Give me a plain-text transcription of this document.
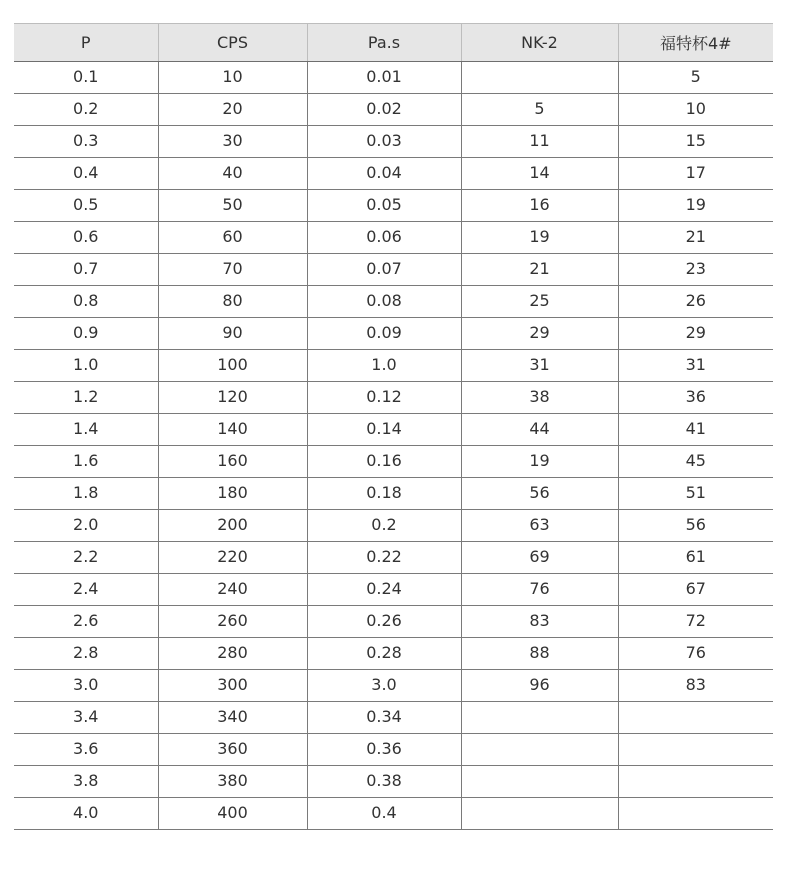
P	CPS	Pa.s	NK-2	福特杯4#
0.1	10	0.01		5
0.2	20	0.02	5	10
0.3	30	0.03	11	15
0.4	40	0.04	14	17
0.5	50	0.05	16	19
0.6	60	0.06	19	21
0.7	70	0.07	21	23
0.8	80	0.08	25	26
0.9	90	0.09	29	29
1.0	100	1.0	31	31
1.2	120	0.12	38	36
1.4	140	0.14	44	41
1.6	160	0.16	19	45
1.8	180	0.18	56	51
2.0	200	0.2	63	56
2.2	220	0.22	69	61
2.4	240	0.24	76	67
2.6	260	0.26	83	72
2.8	280	0.28	88	76
3.0	300	3.0	96	83
3.4	340	0.34		
3.6	360	0.36		
3.8	380	0.38		
4.0	400	0.4		
